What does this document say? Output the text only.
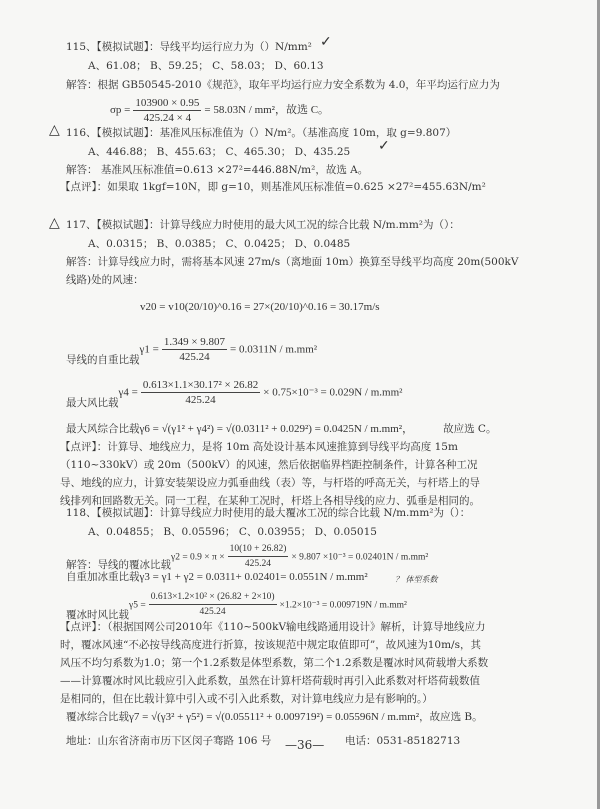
115、【模拟试题】：导线平均运行应力为（）N/mm² ✓
A、61.08； B、59.25； C、58.03； D、60.13
解答：根据 GB50545-2010《规范》，取年平均运行应力安全系数为 4.0，年平均运行应力为
$\sigma p = \frac{103900 \times 0.95}{425.24 \times 4} = 58.03N / mm^2$，故选 C。
△ 116、【模拟试题】：基准风压标准值为（）N/m²。（基准高度 10m，取 g=9.807）
A、446.88； B、455.63； C、465.30； D、435.25 ✓
解答： 基准风压标准值=0.613 ×27²=446.88N/m²，故选 A。
【点评】：如果取 1kgf=10N，即 g=10，则基准风压标准值=0.625 ×27²=455.63N/m²
△ 117、【模拟试题】：计算导线应力时使用的最大风工况的综合比载 N/m.mm²为（）：
A、0.0315； B、0.0385； C、0.0425； D、0.0485
解答：计算导线应力时，需将基本风速 27m/s（离地面 10m）换算至导线平均高度 20m(500kV
线路)处的风速：
v20 = v10(20/10)^0.16 = 27×(20/10)^0.16 = 30.17m/s
导线的自重比载$\gamma 1 = \frac{1.349 \times 9.807}{425.24} = 0.0311N / m.mm^2$
最大风比载$\gamma 4 = \frac{\text{0.613×1.1×30.17² × 26.82}}{425.24} \times 0.75\times 10^{-3} = 0.029N / m.mm^2$
最大风综合比载γ6 = √(γ1² + γ4²) = √(0.0311² + 0.029²) = 0.0425N / m.mm²，	故应选 C。
【点评】：计算导、地线应力，是将 10m 高处设计基本风速推算到导线平均高度 15m（110~330kV）或 20m（500kV）的风速，然后依据临界档距控制条件，计算各种工况导、地线的应力，计算安装架设应力弧垂曲线（表）等，与杆塔的呼高无关，与杆塔上的导线排列和回路数无关。同一工程，在某种工况时，杆塔上各相导线的应力、弧垂是相同的。
118、【模拟试题】：计算导线应力时使用的最大覆冰工况的综合比载 N/m.mm²为（）：
A、0.04855； B、0.05596； C、0.03955； D、0.05015
解答：导线的覆冰比载$\gamma 2 = 0.9 \times \pi \times \frac{10(10 + 26.82)}{425.24} \times 9.807 \times 10^{-3} = 0.02401N / m.mm^2$
自重加冰重比载γ3 = γ1 + γ2 = 0.0311+ 0.02401= 0.0551N / m.mm²	？ 体型系数
覆冰时风比载$\gamma 5 = \frac{\text{0.613×1.2×10² × (26.82 + 2×10)}}{425.24} \times 1.2\times 10^{-3} = 0.009719N / m.mm^2$
【点评】：（根据国网公司2010年《110~500kV输电线路通用设计》解析，计算导地线应力时，覆冰风速“不必按导线高度进行折算，按该规范中规定取值即可”，故风速为10m/s，其风压不均匀系数为1.0；第一个1.2系数是体型系数，第二个1.2系数是覆冰时风荷载增大系数——计算覆冰时风比载应引入此系数，虽然在计算杆塔荷载时再引入此系数对杆塔荷载数值是相同的，但在比载计算中引入或不引入此系数，对计算电线应力是有影响的。）
覆冰综合比载γ7 = √(γ3² + γ5²) = √(0.05511² + 0.009719²) = 0.05596N / m.mm²，故应选 B。
地址：山东省济南市历下区闵子骞路 106 号 —36— 电话：0531-85182713
